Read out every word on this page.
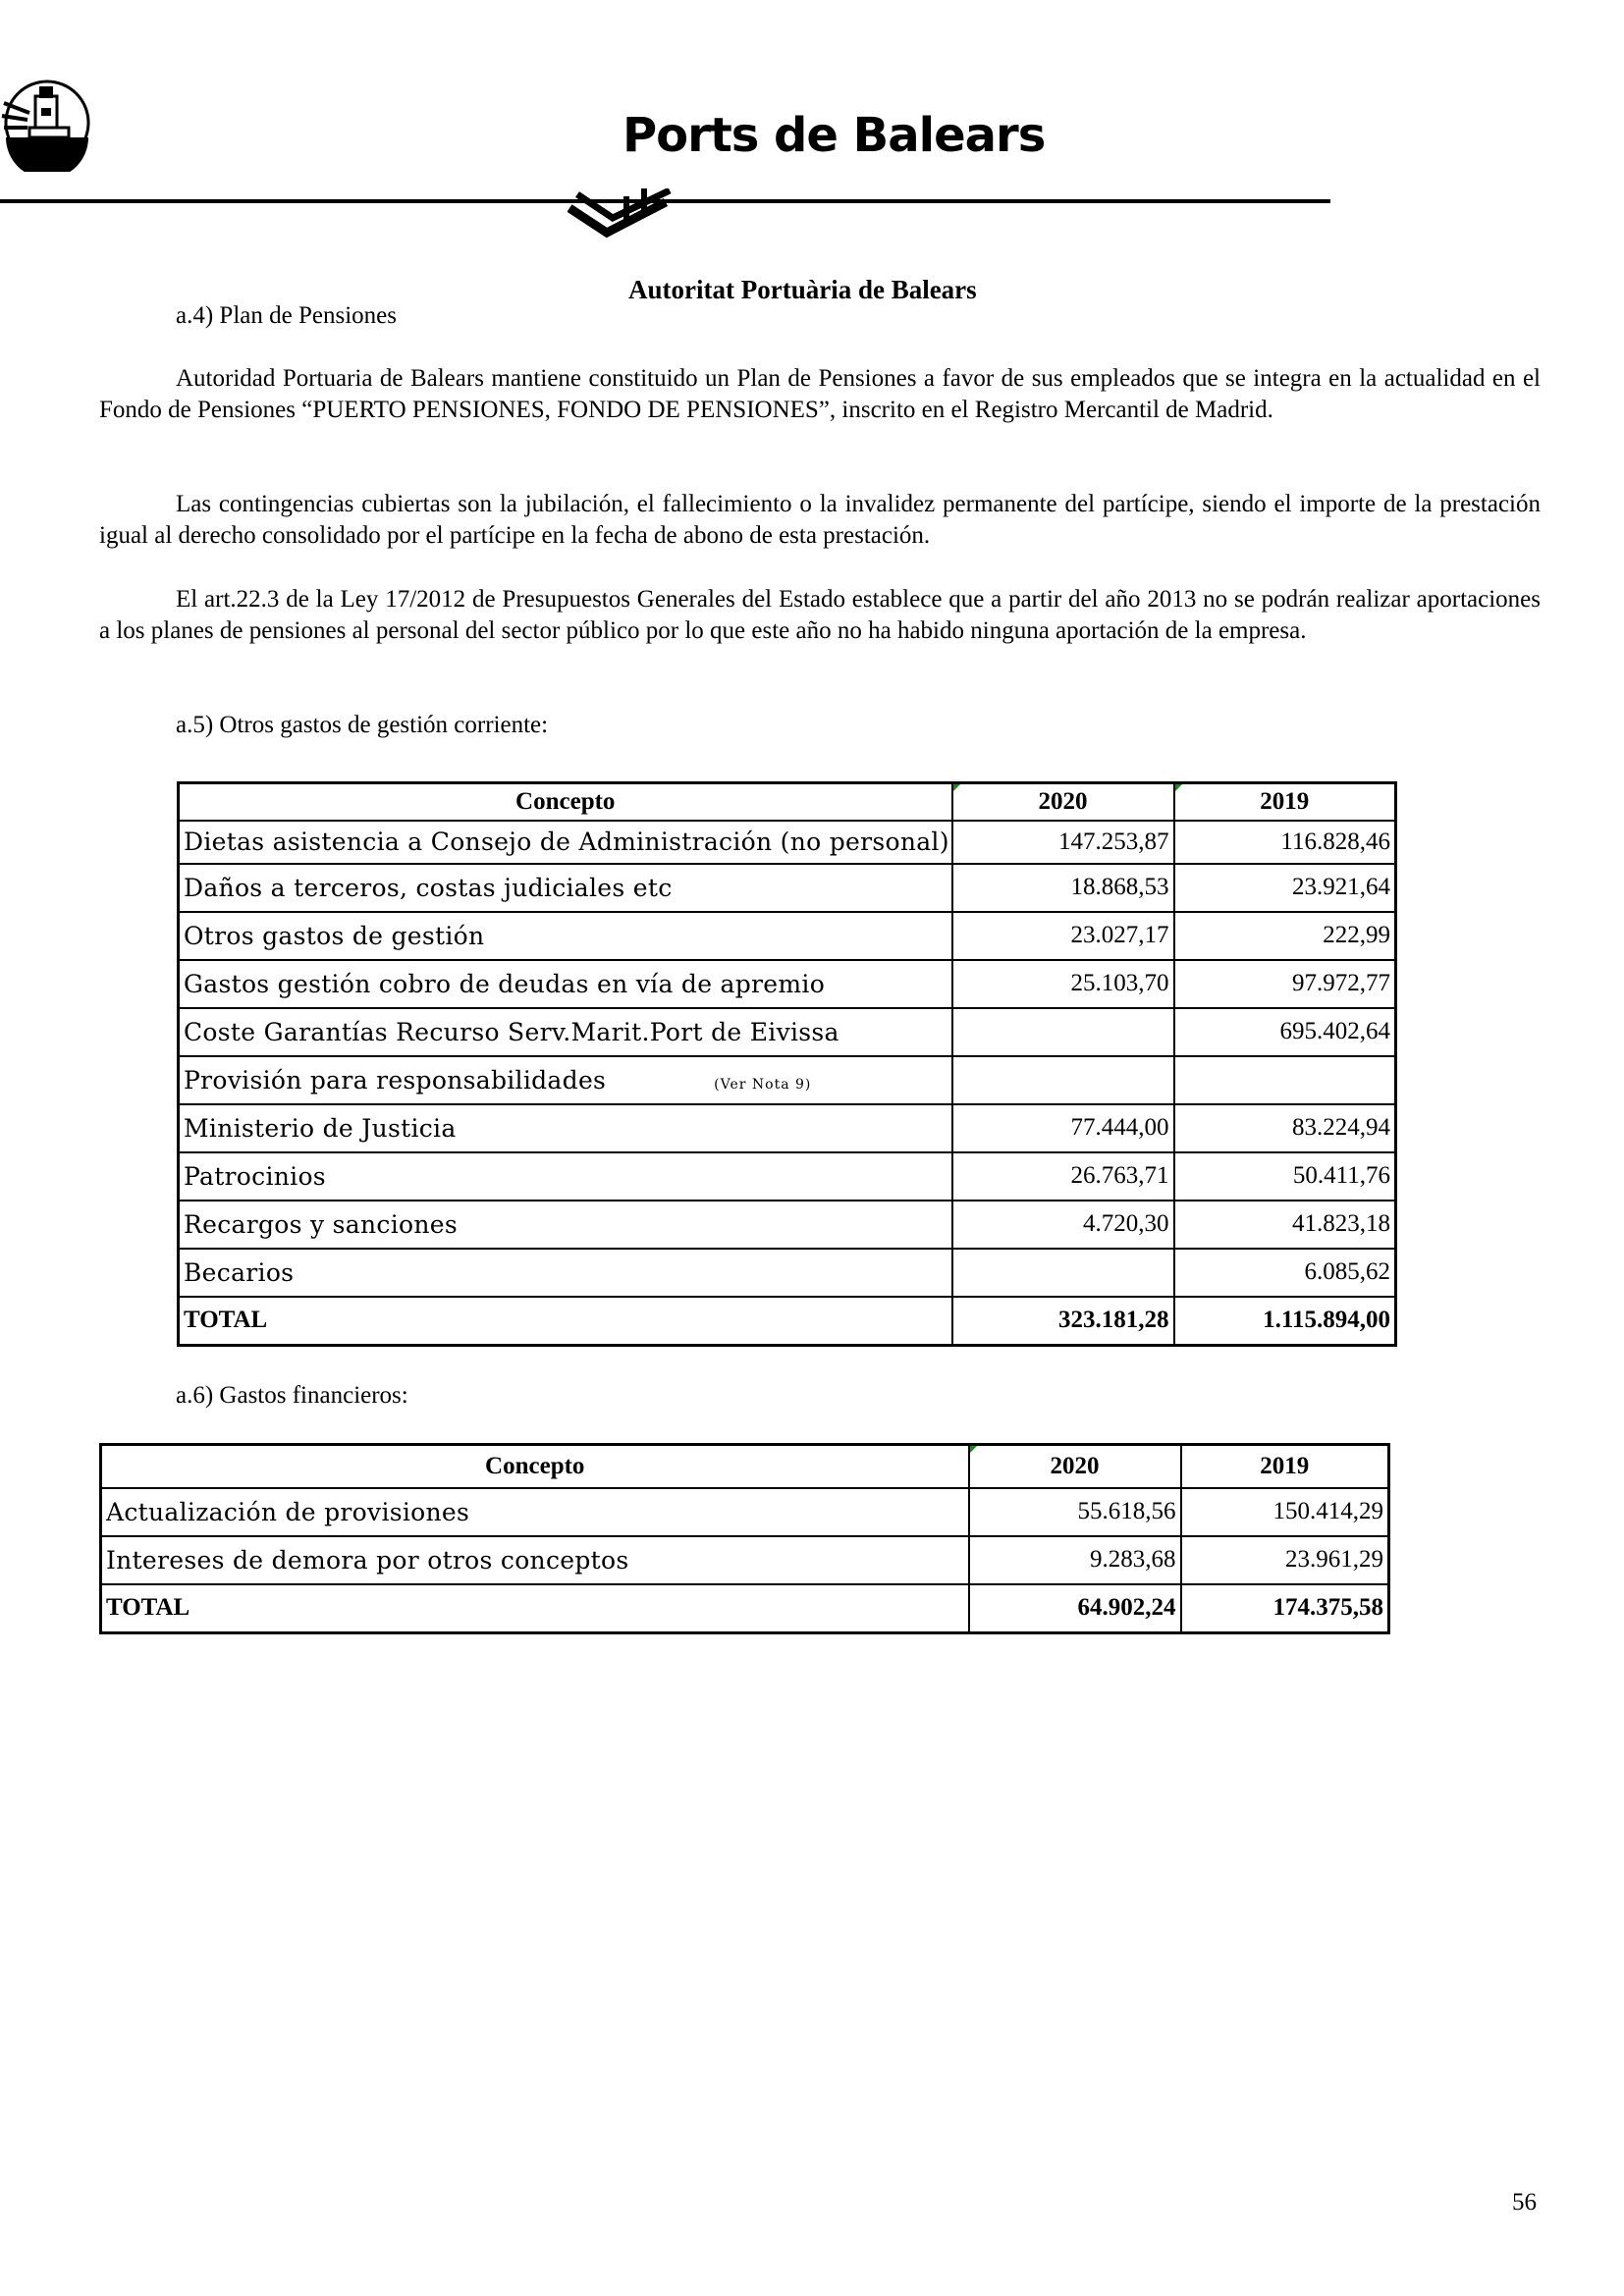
Ports de Balears
Autoritat Portuària de Balears
a.4) Plan de Pensiones

Autoridad Portuaria de Balears mantiene constituido un Plan de Pensiones a favor de sus empleados que se integra en la actualidad en el Fondo de Pensiones “PUERTO PENSIONES, FONDO DE PENSIONES”, inscrito en el Registro Mercantil de Madrid.

Las contingencias cubiertas son la jubilación, el fallecimiento o la invalidez permanente del partícipe, siendo el importe de la prestación igual al derecho consolidado por el partícipe en la fecha de abono de esta prestación.

El art.22.3 de la Ley 17/2012 de Presupuestos Generales del Estado establece que a partir del año 2013 no se podrán realizar aportaciones a los planes de pensiones al personal del sector público por lo que este año no ha habido ninguna aportación de la empresa.

a.5) Otros gastos de gestión corriente:
Concepto	2020	2019
Dietas asistencia a Consejo de Administración (no personal)	147.253,87	116.828,46
Daños a terceros, costas judiciales etc	18.868,53	23.921,64
Otros gastos de gestión	23.027,17	222,99
Gastos gestión cobro de deudas en vía de apremio	25.103,70	97.972,77
Coste Garantías Recurso Serv.Marit.Port de Eivissa		695.402,64
Provisión para responsabilidades (Ver Nota 9)		
Ministerio de Justicia	77.444,00	83.224,94
Patrocinios	26.763,71	50.411,76
Recargos y sanciones	4.720,30	41.823,18
Becarios		6.085,62
TOTAL	323.181,28	1.115.894,00
a.6) Gastos financieros:
Concepto	2020	2019
Actualización de provisiones	55.618,56	150.414,29
Intereses de demora por otros conceptos	9.283,68	23.961,29
TOTAL	64.902,24	174.375,58
56
